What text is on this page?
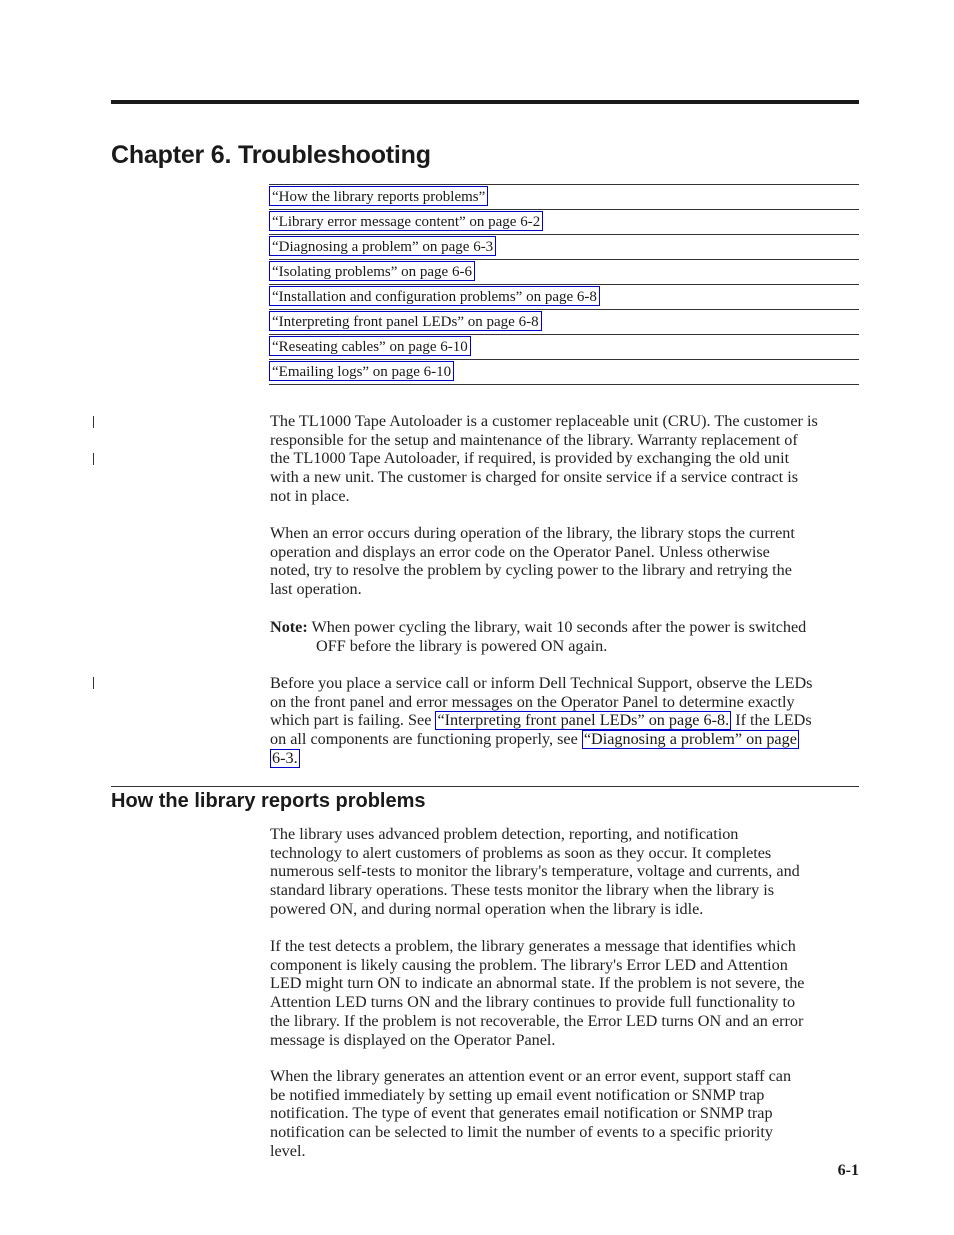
Chapter 6. Troubleshooting
“How the library reports problems”
“Library error message content” on page 6-2
“Diagnosing a problem” on page 6-3
“Isolating problems” on page 6-6
“Installation and configuration problems” on page 6-8
“Interpreting front panel LEDs” on page 6-8
“Reseating cables” on page 6-10
“Emailing logs” on page 6-10

The TL1000 Tape Autoloader is a customer replaceable unit (CRU). The customer is
responsible for the setup and maintenance of the library. Warranty replacement of
the TL1000 Tape Autoloader, if required, is provided by exchanging the old unit
with a new unit. The customer is charged for onsite service if a service contract is
not in place.

When an error occurs during operation of the library, the library stops the current
operation and displays an error code on the Operator Panel. Unless otherwise
noted, try to resolve the problem by cycling power to the library and retrying the
last operation.

Note: When power cycling the library, wait 10 seconds after the power is switched
OFF before the library is powered ON again.

Before you place a service call or inform Dell Technical Support, observe the LEDs
on the front panel and error messages on the Operator Panel to determine exactly
which part is failing. See “Interpreting front panel LEDs” on page 6-8. If the LEDs
on all components are functioning properly, see “Diagnosing a problem” on page
6-3.

How the library reports problems

The library uses advanced problem detection, reporting, and notification
technology to alert customers of problems as soon as they occur. It completes
numerous self-tests to monitor the library's temperature, voltage and currents, and
standard library operations. These tests monitor the library when the library is
powered ON, and during normal operation when the library is idle.

If the test detects a problem, the library generates a message that identifies which
component is likely causing the problem. The library's Error LED and Attention
LED might turn ON to indicate an abnormal state. If the problem is not severe, the
Attention LED turns ON and the library continues to provide full functionality to
the library. If the problem is not recoverable, the Error LED turns ON and an error
message is displayed on the Operator Panel.

When the library generates an attention event or an error event, support staff can
be notified immediately by setting up email event notification or SNMP trap
notification. The type of event that generates email notification or SNMP trap
notification can be selected to limit the number of events to a specific priority
level.

6-1
